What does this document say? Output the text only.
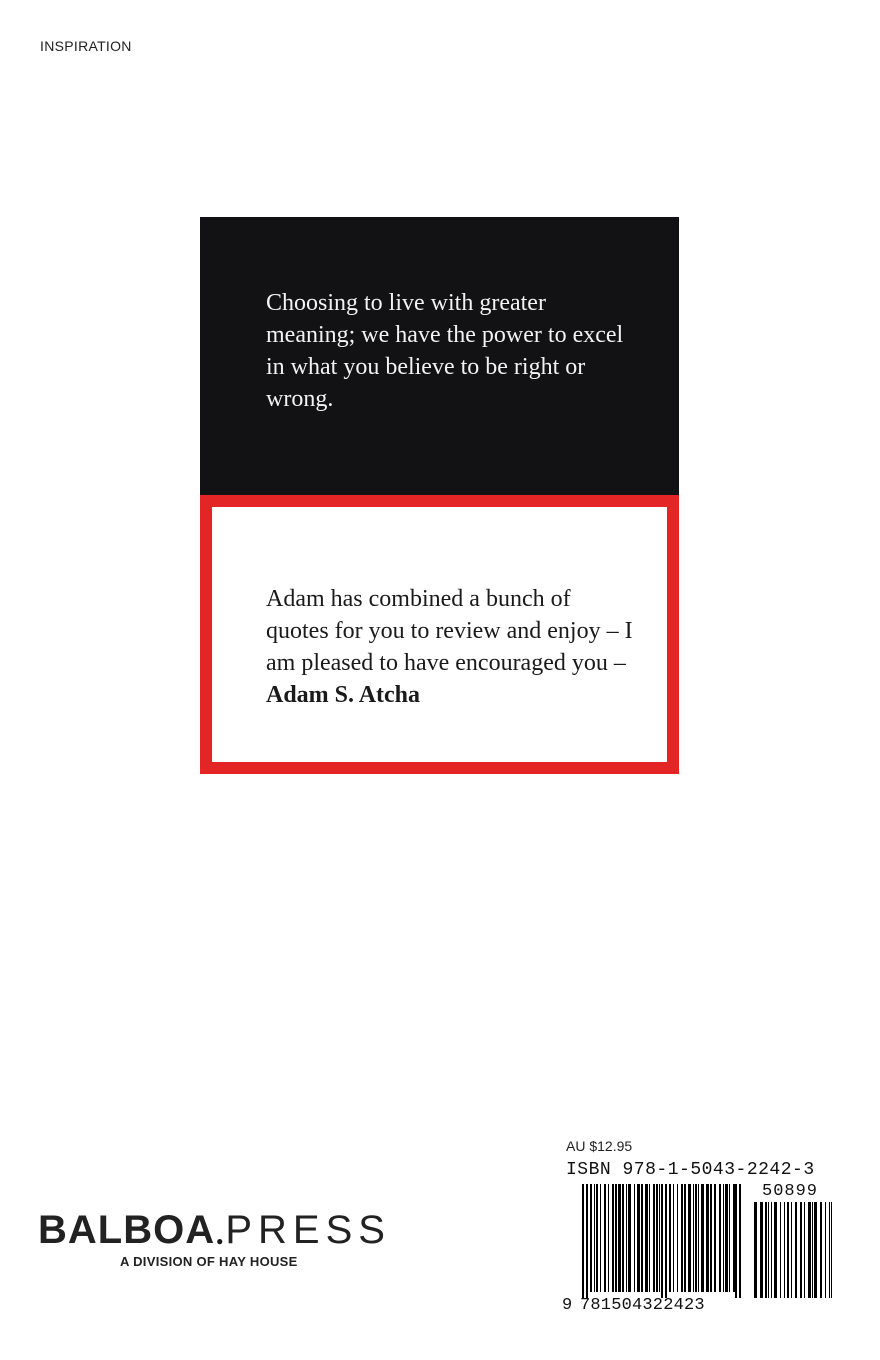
INSPIRATION

Choosing to live with greater meaning; we have the power to excel in what you believe to be right or wrong.

Adam has combined a bunch of quotes for you to review and enjoy – I am pleased to have encouraged you – Adam S. Atcha

BALBOA●PRESS
A DIVISION OF HAY HOUSE
AU $12.95
ISBN 978-1-5043-2242-3
50899
9 781504322423
